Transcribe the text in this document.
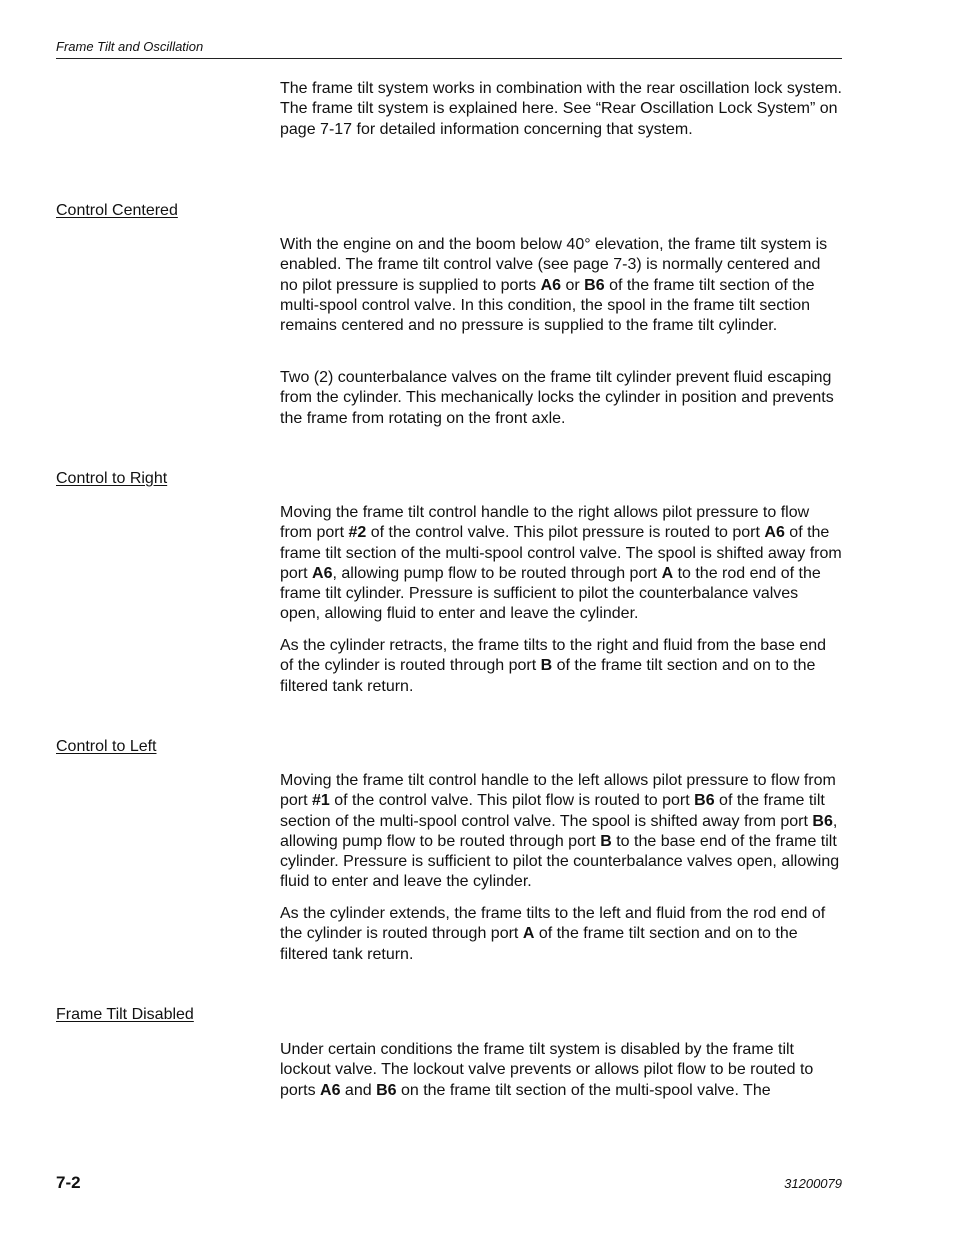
Frame Tilt and Oscillation

The frame tilt system works in combination with the rear oscillation lock system. The frame tilt system is explained here. See “Rear Oscillation Lock System” on page 7-17 for detailed information concerning that system.

Control Centered

With the engine on and the boom below 40° elevation, the frame tilt system is enabled. The frame tilt control valve (see page 7-3) is normally centered and no pilot pressure is supplied to ports A6 or B6 of the frame tilt section of the multi-spool control valve. In this condition, the spool in the frame tilt section remains centered and no pressure is supplied to the frame tilt cylinder.

Two (2) counterbalance valves on the frame tilt cylinder prevent fluid escaping from the cylinder. This mechanically locks the cylinder in position and prevents the frame from rotating on the front axle.

Control to Right

Moving the frame tilt control handle to the right allows pilot pressure to flow from port #2 of the control valve. This pilot pressure is routed to port A6 of the frame tilt section of the multi-spool control valve. The spool is shifted away from port A6, allowing pump flow to be routed through port A to the rod end of the frame tilt cylinder. Pressure is sufficient to pilot the counterbalance valves open, allowing fluid to enter and leave the cylinder.

As the cylinder retracts, the frame tilts to the right and fluid from the base end of the cylinder is routed through port B of the frame tilt section and on to the filtered tank return.

Control to Left

Moving the frame tilt control handle to the left allows pilot pressure to flow from port #1 of the control valve. This pilot flow is routed to port B6 of the frame tilt section of the multi-spool control valve. The spool is shifted away from port B6, allowing pump flow to be routed through port B to the base end of the frame tilt cylinder. Pressure is sufficient to pilot the counterbalance valves open, allowing fluid to enter and leave the cylinder.

As the cylinder extends, the frame tilts to the left and fluid from the rod end of the cylinder is routed through port A of the frame tilt section and on to the filtered tank return.

Frame Tilt Disabled

Under certain conditions the frame tilt system is disabled by the frame tilt lockout valve. The lockout valve prevents or allows pilot flow to be routed to ports A6 and B6 on the frame tilt section of the multi-spool valve. The

7-2	31200079
